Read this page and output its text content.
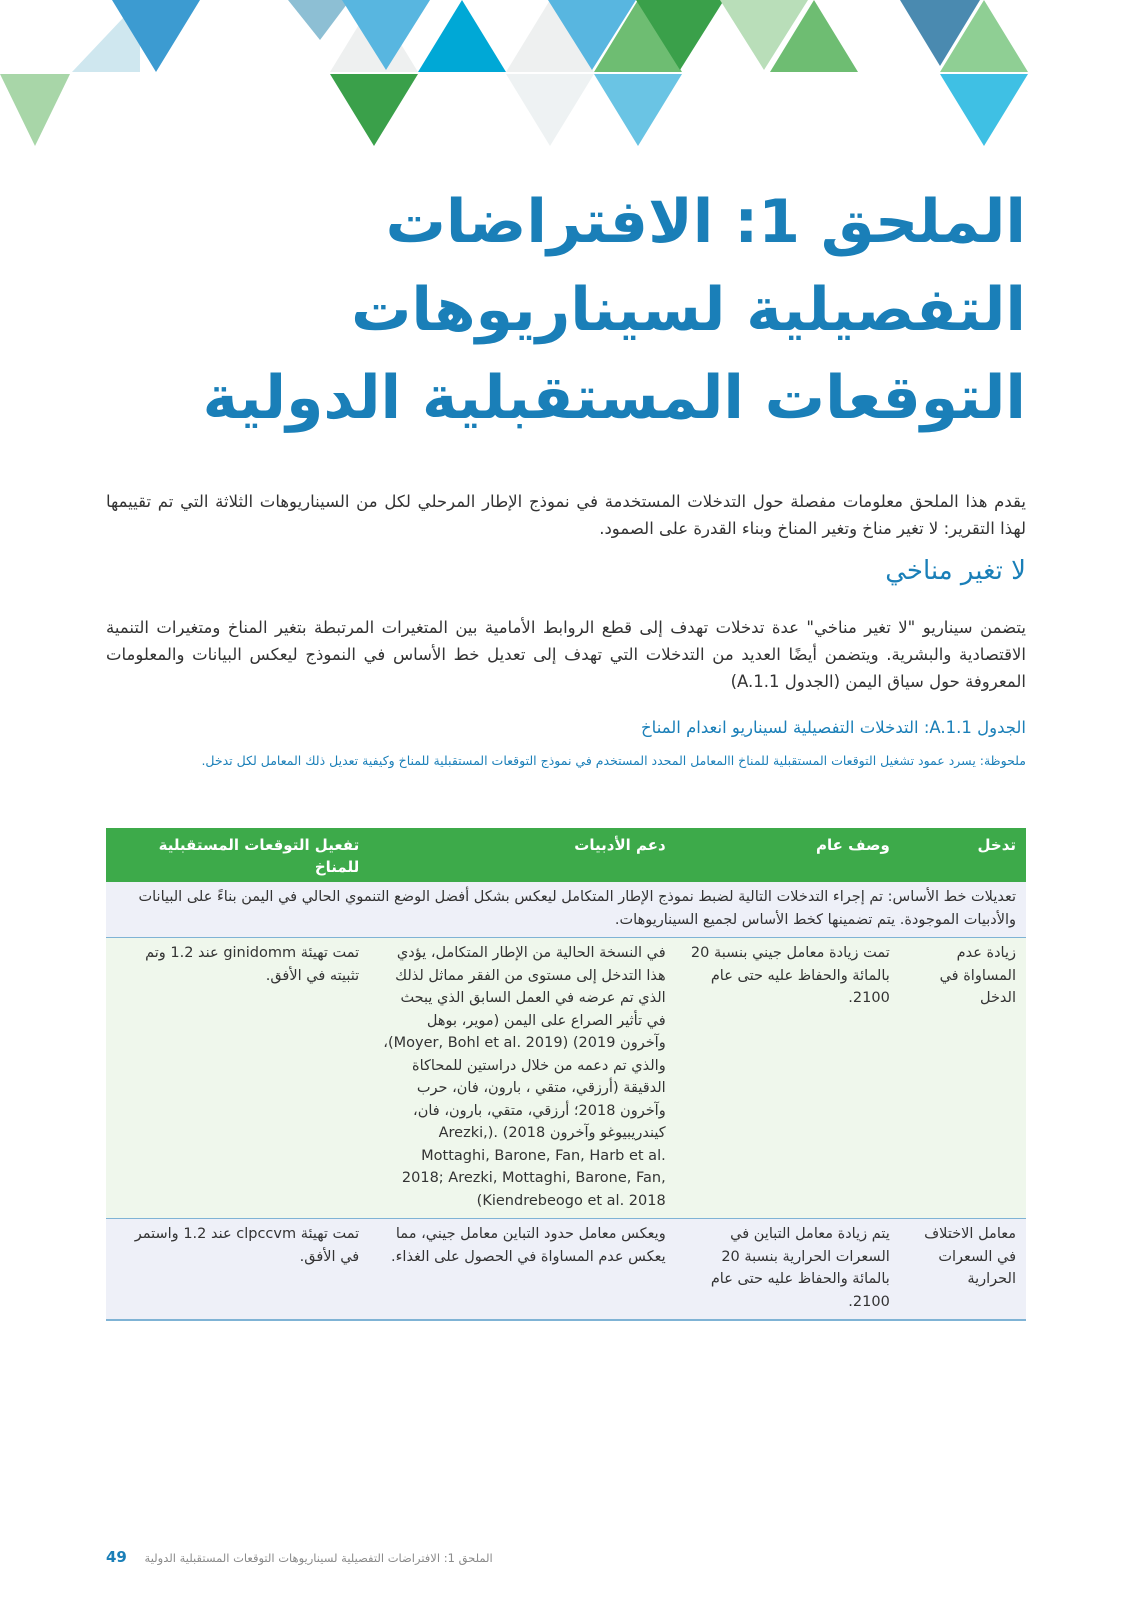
الملحق 1: الافتراضات
التفصيلية لسيناريوهات
التوقعات المستقبلية الدولية

يقدم هذا الملحق معلومات مفصلة حول التدخلات المستخدمة في نموذج الإطار المرحلي لكل من السيناريوهات الثلاثة التي تم تقييمها لهذا التقرير: لا تغير مناخ وتغير المناخ وبناء القدرة على الصمود.

لا تغير مناخي

يتضمن سيناريو "لا تغير مناخي" عدة تدخلات تهدف إلى قطع الروابط الأمامية بين المتغيرات المرتبطة بتغير المناخ ومتغيرات التنمية الاقتصادية والبشرية. ويتضمن أيضًا العديد من التدخلات التي تهدف إلى تعديل خط الأساس في النموذج ليعكس البيانات والمعلومات المعروفة حول سياق اليمن (الجدول A.1.1)

الجدول A.1.1: التدخلات التفصيلية لسيناريو انعدام المناخ

ملحوظة: يسرد عمود تشغيل التوقعات المستقبلية للمناخ االمعامل المحدد المستخدم في نموذج التوقعات المستقبلية للمناخ وكيفية تعديل ذلك المعامل لكل تدخل.

تدخل	وصف عام	دعم الأدبيات	تفعيل التوقعات المستقبلية للمناخ
تعديلات خط الأساس: تم إجراء التدخلات التالية لضبط نموذج الإطار المتكامل ليعكس بشكل أفضل الوضع التنموي الحالي في اليمن بناءً على البيانات والأدبيات الموجودة. يتم تضمينها كخط الأساس لجميع السيناريوهات.			
زيادة عدم المساواة في الدخل	تمت زيادة معامل جيني بنسبة 20 بالمائة والحفاظ عليه حتى عام 2100.	في النسخة الحالية من الإطار المتكامل، يؤدي هذا التدخل إلى مستوى من الفقر مماثل لذلك الذي تم عرضه في العمل السابق الذي يبحث في تأثير الصراع على اليمن (موير، بوهل وآخرون 2019) (Moyer, Bohl et al. 2019)، والذي تم دعمه من خلال دراستين للمحاكاة الدقيقة (أرزقي، متقي ، بارون، فان، حرب وآخرون 2018؛ أرزقي، متقي، بارون، فان، كيندريبيوغو وآخرون 2018) .(Arezki, Mottaghi, Barone, Fan, Harb et al. 2018; Arezki, Mottaghi, Barone, Fan, Kiendrebeogo et al. 2018)	تمت تهيئة ginidomm عند 1.2 وتم تثبيته في الأفق.
معامل الاختلاف في السعرات الحرارية	يتم زيادة معامل التباين في السعرات الحرارية بنسبة 20 بالمائة والحفاظ عليه حتى عام 2100.	ويعكس معامل حدود التباين معامل جيني، مما يعكس عدم المساواة في الحصول على الغذاء.	تمت تهيئة clpccvm عند 1.2 واستمر في الأفق.
49 الملحق 1: الافتراضات التفصيلية لسيناريوهات التوقعات المستقبلية الدولية
